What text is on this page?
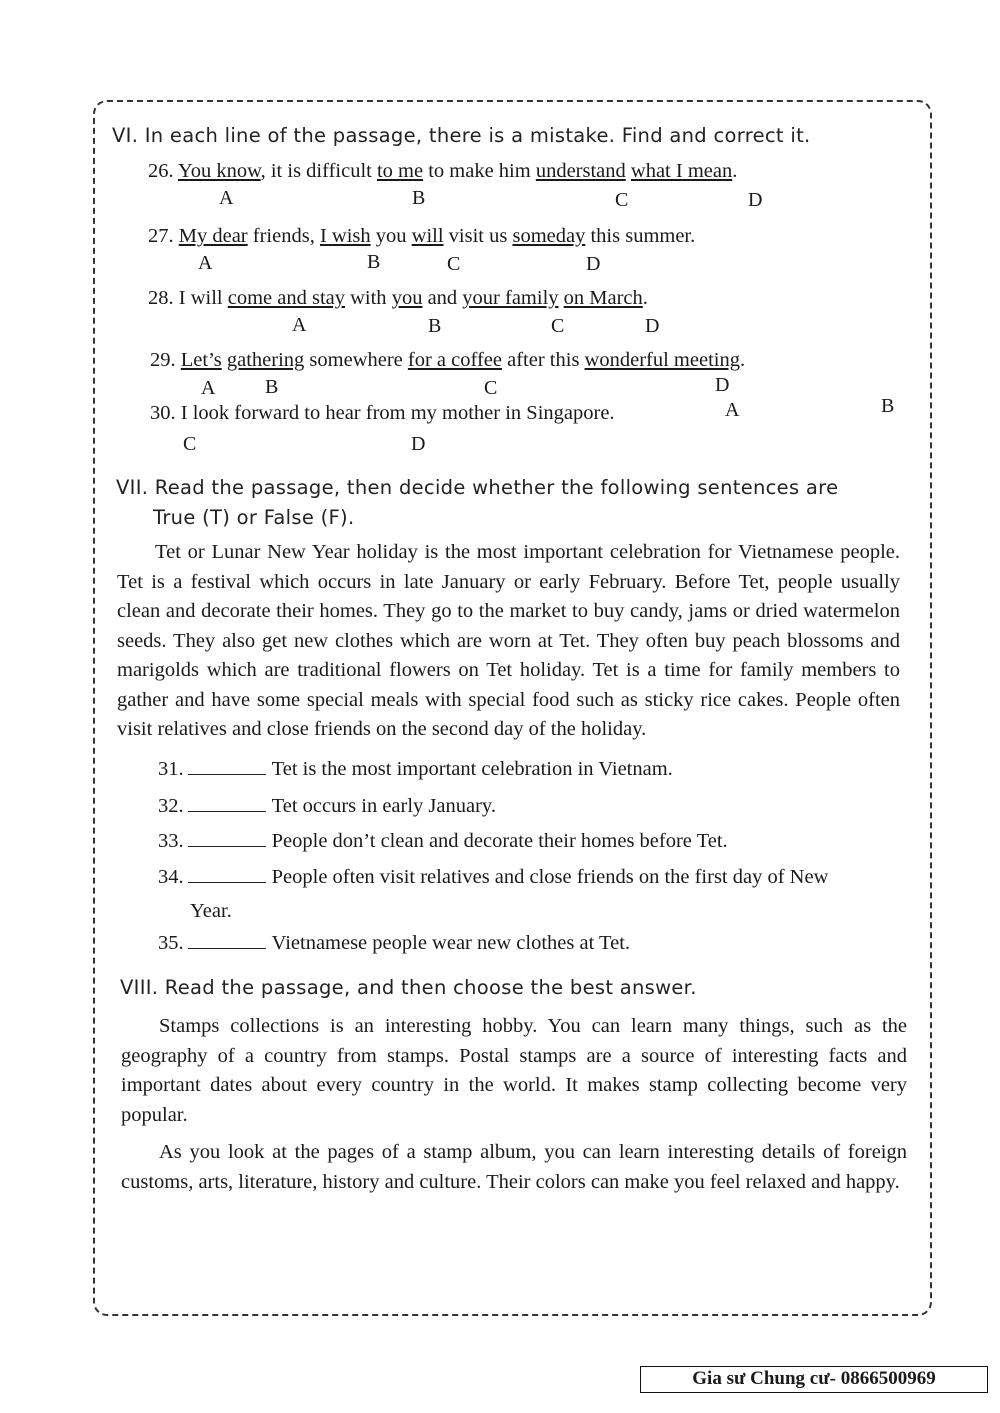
VI. In each line of the passage, there is a mistake. Find and correct it.
26. You know, it is difficult to me to make him understand what I mean.
A	B	C	D
27. My dear friends, I wish you will visit us someday this summer.
A	B	C	D
28. I will come and stay with you and your family on March.
A	B	C	D
29. Let’s gathering somewhere for a coffee after this wonderful meeting.
A B	C	D
30. I look forward to hear from my mother in Singapore.	A	B
C	D
VII. Read the passage, then decide whether the following sentences are
True (T) or False (F).

Tet or Lunar New Year holiday is the most important celebration for Vietnamese people. Tet is a festival which occurs in late January or early February. Before Tet, people usually clean and decorate their homes. They go to the market to buy candy, jams or dried watermelon seeds. They also get new clothes which are worn at Tet. They often buy peach blossoms and marigolds which are traditional flowers on Tet holiday. Tet is a time for family members to gather and have some special meals with special food such as sticky rice cakes. People often visit relatives and close friends on the second day of the holiday.

31.	Tet is the most important celebration in Vietnam.
32.	Tet occurs in early January.
33.	People don’t clean and decorate their homes before Tet.
34.	People often visit relatives and close friends on the first day of New
Year.
35.	Vietnamese people wear new clothes at Tet.
VIII. Read the passage, and then choose the best answer.

Stamps collections is an interesting hobby. You can learn many things, such as the geography of a country from stamps. Postal stamps are a source of interesting facts and important dates about every country in the world. It makes stamp collecting become very popular.

As you look at the pages of a stamp album, you can learn interesting details of foreign customs, arts, literature, history and culture. Their colors can make you feel relaxed and happy.

Gia sư Chung cư- 0866500969
